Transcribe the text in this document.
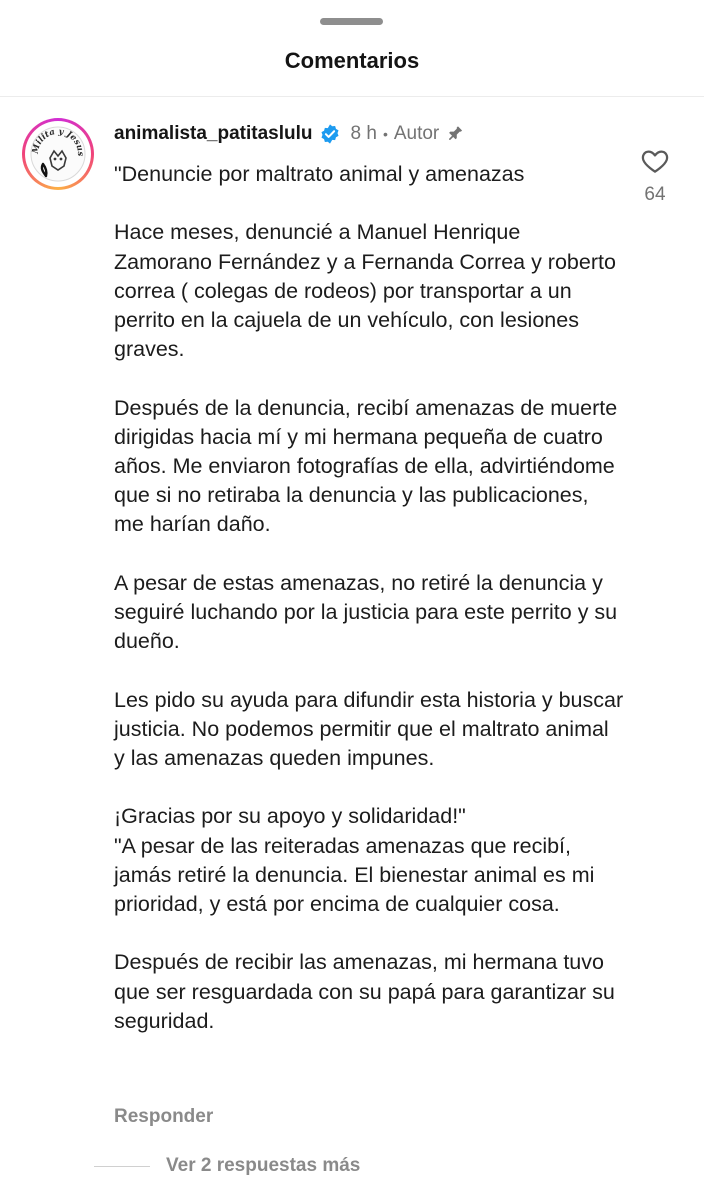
Comentarios
Milita y Jesus
animalista_patitaslulu 8 h • Autor

"Denuncie por maltrato animal y amenazas

Hace meses, denuncié a Manuel Henrique Zamorano Fernández y a Fernanda Correa y roberto correa ( colegas de rodeos) por transportar a un perrito en la cajuela de un vehículo, con lesiones graves.

Después de la denuncia, recibí amenazas de muerte dirigidas hacia mí y mi hermana pequeña de cuatro años. Me enviaron fotografías de ella, advirtiéndome que si no retiraba la denuncia y las publicaciones, me harían daño.

A pesar de estas amenazas, no retiré la denuncia y seguiré luchando por la justicia para este perrito y su dueño.

Les pido su ayuda para difundir esta historia y buscar justicia. No podemos permitir que el maltrato animal y las amenazas queden impunes.

¡Gracias por su apoyo y solidaridad!"

"A pesar de las reiteradas amenazas que recibí, jamás retiré la denuncia. El bienestar animal es mi prioridad, y está por encima de cualquier cosa.

Después de recibir las amenazas, mi hermana tuvo que ser resguardada con su papá para garantizar su seguridad.

64
Responder
Ver 2 respuestas más
